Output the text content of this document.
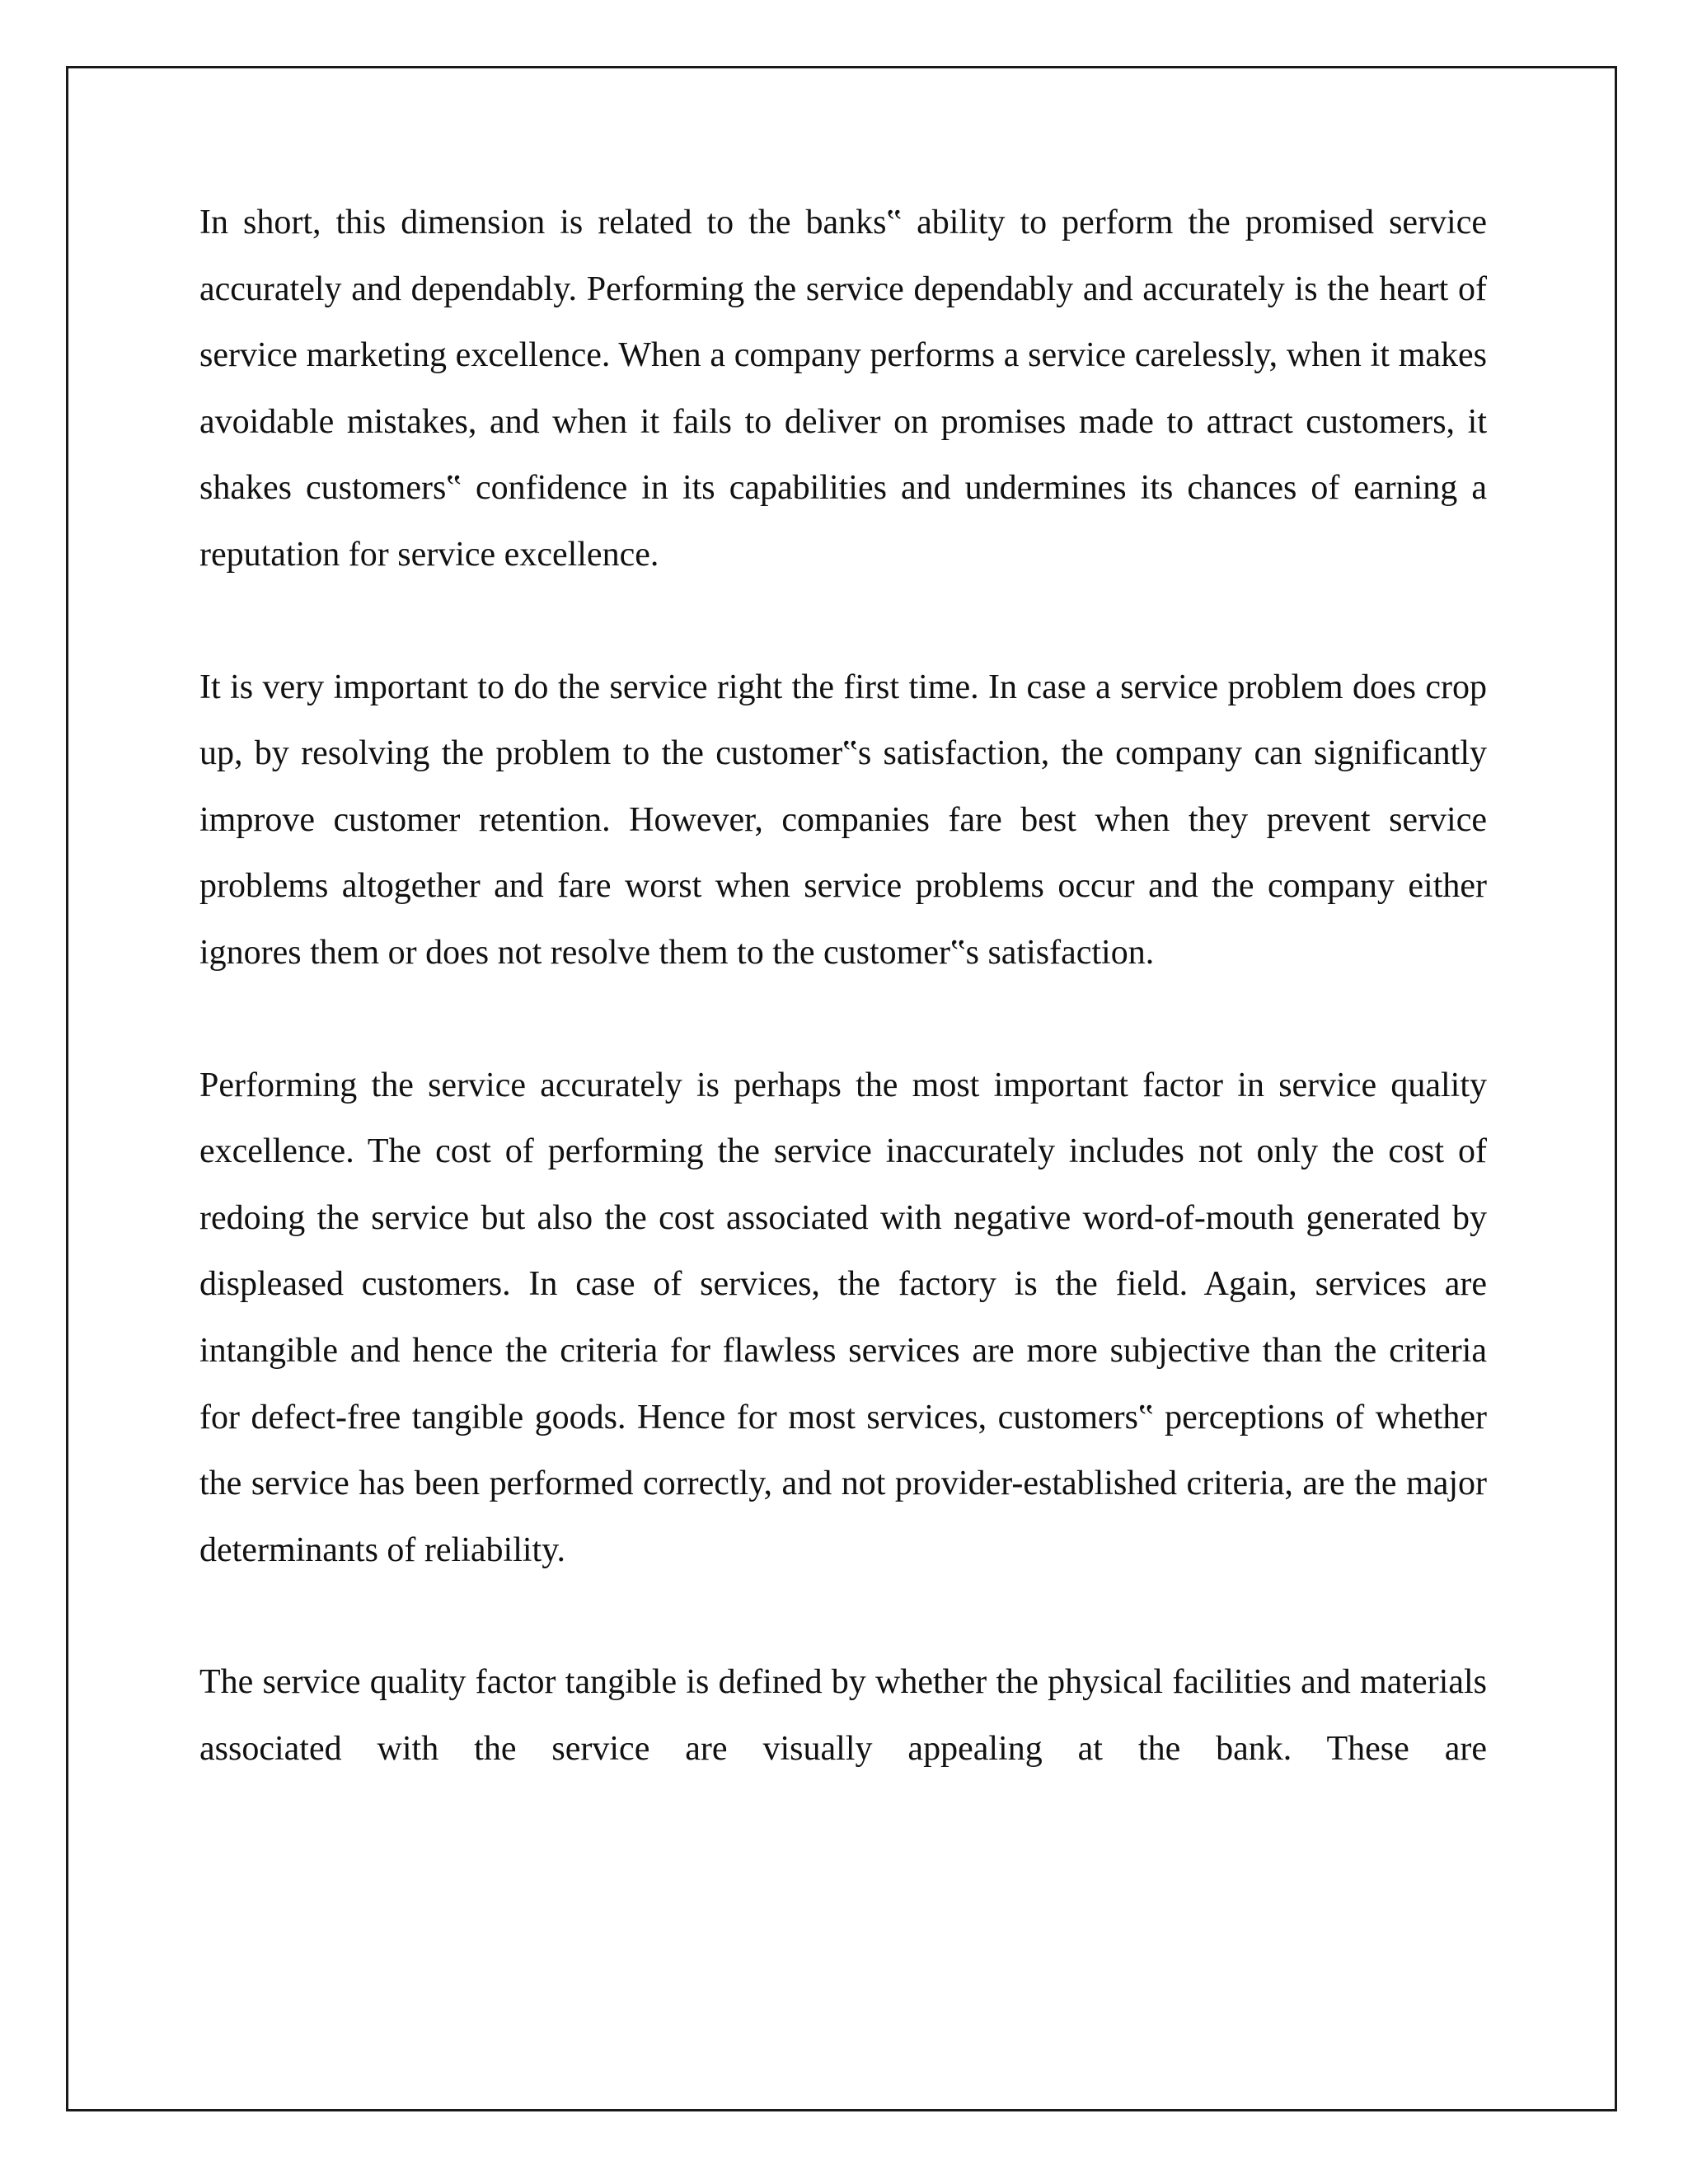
In short, this dimension is related to the banks‟ ability to perform the promised service accurately and dependably. Performing the service dependably and accurately is the heart of service marketing excellence. When a company performs a service carelessly, when it makes avoidable mistakes, and when it fails to deliver on promises made to attract customers, it shakes customers‟ confidence in its capabilities and undermines its chances of earning a reputation for service excellence.

It is very important to do the service right the first time. In case a service problem does crop up, by resolving the problem to the customer‟s satisfaction, the company can significantly improve customer retention. However, companies fare best when they prevent service problems altogether and fare worst when service problems occur and the company either ignores them or does not resolve them to the customer‟s satisfaction.

Performing the service accurately is perhaps the most important factor in service quality excellence. The cost of performing the service inaccurately includes not only the cost of redoing the service but also the cost associated with negative word-of-mouth generated by displeased customers. In case of services, the factory is the field. Again, services are intangible and hence the criteria for flawless services are more subjective than the criteria for defect-free tangible goods. Hence for most services, customers‟ perceptions of whether the service has been performed correctly, and not provider-established criteria, are the major determinants of reliability.

The service quality factor tangible is defined by whether the physical facilities and materials associated with the service are visually appealing at the bank. These are
